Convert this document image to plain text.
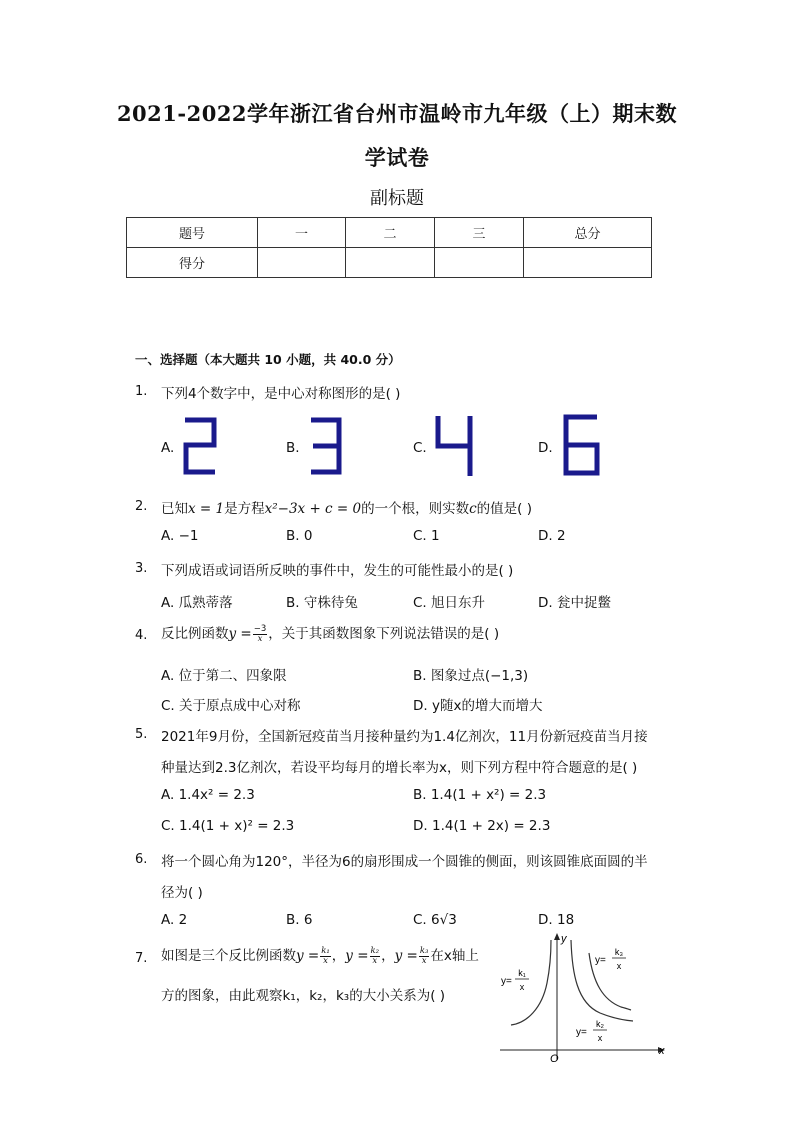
2021-2022学年浙江省台州市温岭市九年级（上）期末数
学试卷
副标题
题号	一	二	三	总分
得分				
一、选择题（本大题共 10 小题，共 40.0 分）
1. 下列4个数字中，是中心对称图形的是( )
A.	B.	C.	D.
2. 已知x = 1是方程x²−3x + c = 0的一个根，则实数c的值是( )
A. −1	B. 0	C. 1	D. 2
3. 下列成语或词语所反映的事件中，发生的可能性最小的是( )
A. 瓜熟蒂落	B. 守株待兔	C. 旭日东升	D. 瓮中捉鳖
4. 反比例函数$y = \frac{-3}{x}$ ，关于其函数图象下列说法错误的是( )
A. 位于第二、四象限	B. 图象过点(−1,3)
C. 关于原点成中心对称	D. y随x的增大而增大
5. 2021年9月份，全国新冠疫苗当月接种量约为1.4亿剂次，11月份新冠疫苗当月接
种量达到2.3亿剂次，若设平均每月的增长率为x，则下列方程中符合题意的是( )
A. 1.4x² = 2.3	B. 1.4(1 + x²) = 2.3
C. 1.4(1 + x)² = 2.3	D. 1.4(1 + 2x) = 2.3
6. 将一个圆心角为120°，半径为6的扇形围成一个圆锥的侧面，则该圆锥底面圆的半
径为( )
A. 2	B. 6	C. 6√3	D. 18
7. 如图是三个反比例函数$y = \frac{\text{k₁}}{x}$ ，$y = \frac{\text{k₂}}{x}$ ，$y = \frac{\text{k₃}}{x}$ 在x轴上
方的图象，由此观察k₁，k₂，k₃的大小关系为( )
x
y
O
y=
k₁
x
y=
k₃
x
y=
k₂
x
